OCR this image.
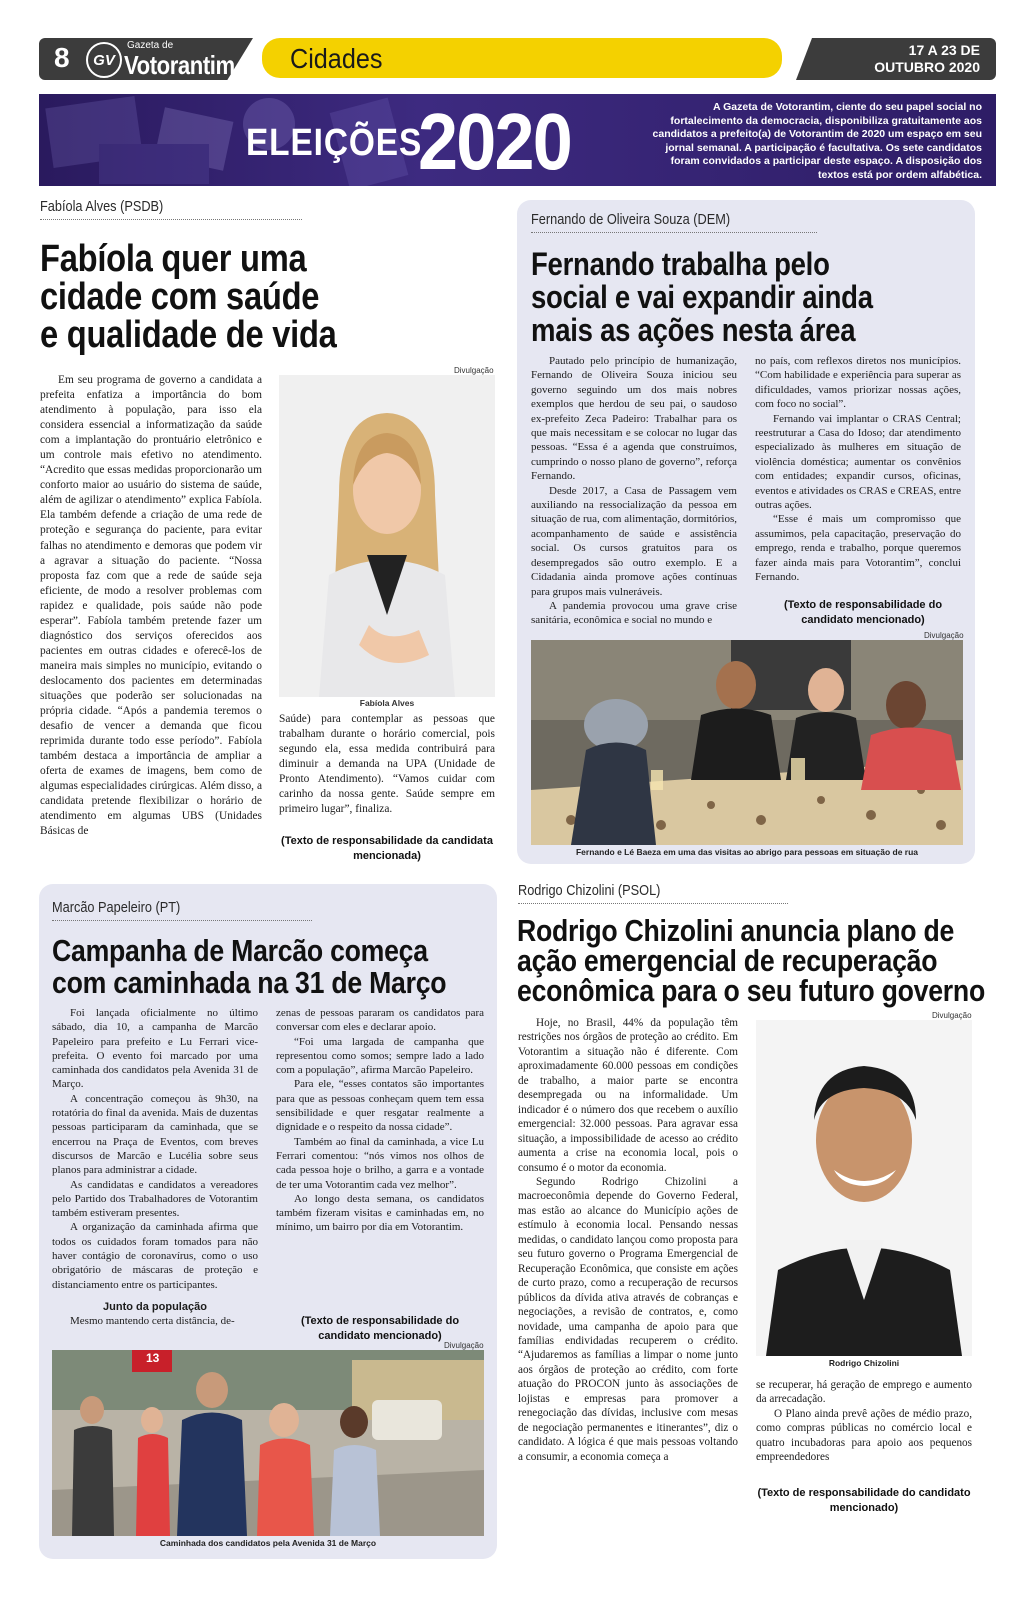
8	GV
Gazeta de
Votorantim Cidades	17 A 23 DE
OUTUBRO 2020
ELEIÇÕES
2020	A Gazeta de Votorantim, ciente do seu papel social no fortalecimento da democracia, disponibiliza gratuitamente aos candidatos a prefeito(a) de Votorantim de 2020 um espaço em seu jornal semanal. A participação é facultativa. Os sete candidatos foram convidados a participar deste espaço. A disposição dos textos está por ordem alfabética.
Fabíola Alves (PSDB)
Fabíola quer uma
cidade com saúde
e qualidade de vida
Divulgação
Fabíola Alves

Em seu programa de governo a candidata a prefeita enfatiza a importância do bom atendimento à população, para isso ela considera essencial a informatização da saúde com a implantação do prontuário eletrônico e um controle mais efetivo no atendimento. “Acredito que essas medidas proporcionarão um conforto maior ao usuário do sistema de saúde, além de agilizar o atendimento” explica Fabíola. Ela também defende a criação de uma rede de proteção e segurança do paciente, para evitar falhas no atendimento e demoras que podem vir a agravar a situação do paciente. “Nossa proposta faz com que a rede de saúde seja eficiente, de modo a resolver problemas com rapidez e qualidade, pois saúde não pode esperar”. Fabíola também pretende fazer um diagnóstico dos serviços oferecidos aos pacientes em outras cidades e oferecê-los de maneira mais simples no município, evitando o deslocamento dos pacientes em determinadas situações que poderão ser solucionadas na própria cidade. “Após a pandemia teremos o desafio de vencer a demanda que ficou reprimida durante todo esse período”. Fabíola também destaca a importância de ampliar a oferta de exames de imagens, bem como de algumas especialidades cirúrgicas. Além disso, a candidata pretende flexibilizar o horário de atendimento em algumas UBS (Unidades Básicas de

Saúde) para contemplar as pessoas que trabalham durante o horário comercial, pois segundo ela, essa medida contribuirá para diminuir a demanda na UPA (Unidade de Pronto Atendimento). “Vamos cuidar com carinho da nossa gente. Saúde sempre em primeiro lugar”, finaliza.

(Texto de responsabilidade da candidata mencionada)
Fernando de Oliveira Souza (DEM)
Fernando trabalha pelo
social e vai expandir ainda
mais as ações nesta área

Pautado pelo princípio de humanização, Fernando de Oliveira Souza iniciou seu governo seguindo um dos mais nobres exemplos que herdou de seu pai, o saudoso ex-prefeito Zeca Padeiro: Trabalhar para os que mais necessitam e se colocar no lugar das pessoas. “Essa é a agenda que construímos, cumprindo o nosso plano de governo”, reforça Fernando.

Desde 2017, a Casa de Passagem vem auxiliando na ressocialização da pessoa em situação de rua, com alimentação, dormitórios, acompanhamento de saúde e assistência social. Os cursos gratuitos para os desempregados são outro exemplo. E a Cidadania ainda promove ações contínuas para grupos mais vulneráveis.

A pandemia provocou uma grave crise sanitária, econômica e social no mundo e

no país, com reflexos diretos nos municípios. “Com habilidade e experiência para superar as dificuldades, vamos priorizar nossas ações, com foco no social”.

Fernando vai implantar o CRAS Central; reestruturar a Casa do Idoso; dar atendimento especializado às mulheres em situação de violência doméstica; aumentar os convênios com entidades; expandir cursos, oficinas, eventos e atividades os CRAS e CREAS, entre outras ações.

“Esse é mais um compromisso que assumimos, pela capacitação, preservação do emprego, renda e trabalho, porque queremos fazer ainda mais para Votorantim”, conclui Fernando.

(Texto de responsabilidade do candidato mencionado)
Divulgação
Fernando e Lé Baeza em uma das visitas ao abrigo para pessoas em situação de rua
Marcão Papeleiro (PT)
Campanha de Marcão começa
com caminhada na 31 de Março

Foi lançada oficialmente no último sábado, dia 10, a campanha de Marcão Papeleiro para prefeito e Lu Ferrari vice-prefeita. O evento foi marcado por uma caminhada dos candidatos pela Avenida 31 de Março.

A concentração começou às 9h30, na rotatória do final da avenida. Mais de duzentas pessoas participaram da caminhada, que se encerrou na Praça de Eventos, com breves discursos de Marcão e Lucélia sobre seus planos para administrar a cidade.

As candidatas e candidatos a vereadores pelo Partido dos Trabalhadores de Votorantim também estiveram presentes.

A organização da caminhada afirma que todos os cuidados foram tomados para não haver contágio de coronavírus, como o uso obrigatório de máscaras de proteção e distanciamento entre os participantes.

Junto da população

Mesmo mantendo certa distância, de-

zenas de pessoas pararam os candidatos para conversar com eles e declarar apoio.

“Foi uma largada de campanha que representou como somos; sempre lado a lado com a população”, afirma Marcão Papeleiro.

Para ele, “esses contatos são importantes para que as pessoas conheçam quem tem essa sensibilidade e quer resgatar realmente a dignidade e o respeito da nossa cidade”.

Também ao final da caminhada, a vice Lu Ferrari comentou: “nós vimos nos olhos de cada pessoa hoje o brilho, a garra e a vontade de ter uma Votorantim cada vez melhor”.

Ao longo desta semana, os candidatos também fizeram visitas e caminhadas em, no mínimo, um bairro por dia em Votorantim.

(Texto de responsabilidade do candidato mencionado)
Divulgação
13
Caminhada dos candidatos pela Avenida 31 de Março
Rodrigo Chizolini (PSOL)
Rodrigo Chizolini anuncia plano de
ação emergencial de recuperação
econômica para o seu futuro governo
Divulgação
Rodrigo Chizolini

Hoje, no Brasil, 44% da população têm restrições nos órgãos de proteção ao crédito. Em Votorantim a situação não é diferente. Com aproximadamente 60.000 pessoas em condições de trabalho, a maior parte se encontra desempregada ou na informalidade. Um indicador é o número dos que recebem o auxílio emergencial: 32.000 pessoas. Para agravar essa situação, a impossibilidade de acesso ao crédito aumenta a crise na economia local, pois o consumo é o motor da economia.

Segundo Rodrigo Chizolini a macroeconômia depende do Governo Federal, mas estão ao alcance do Município ações de estímulo à economia local. Pensando nessas medidas, o candidato lançou como proposta para seu futuro governo o Programa Emergencial de Recuperação Econômica, que consiste em ações de curto prazo, como a recuperação de recursos públicos da dívida ativa através de cobranças e negociações, a revisão de contratos, e, como novidade, uma campanha de apoio para que famílias endividadas recuperem o crédito. “Ajudaremos as famílias a limpar o nome junto aos órgãos de proteção ao crédito, com forte atuação do PROCON junto às associações de lojistas e empresas para promover a renegociação das dívidas, inclusive com mesas de negociação permanentes e itinerantes”, diz o candidato. A lógica é que mais pessoas voltando a consumir, a economia começa a

se recuperar, há geração de emprego e aumento da arrecadação.

O Plano ainda prevê ações de médio prazo, como compras públicas no comércio local e quatro incubadoras para apoio aos pequenos empreendedores

(Texto de responsabilidade do candidato mencionado)
